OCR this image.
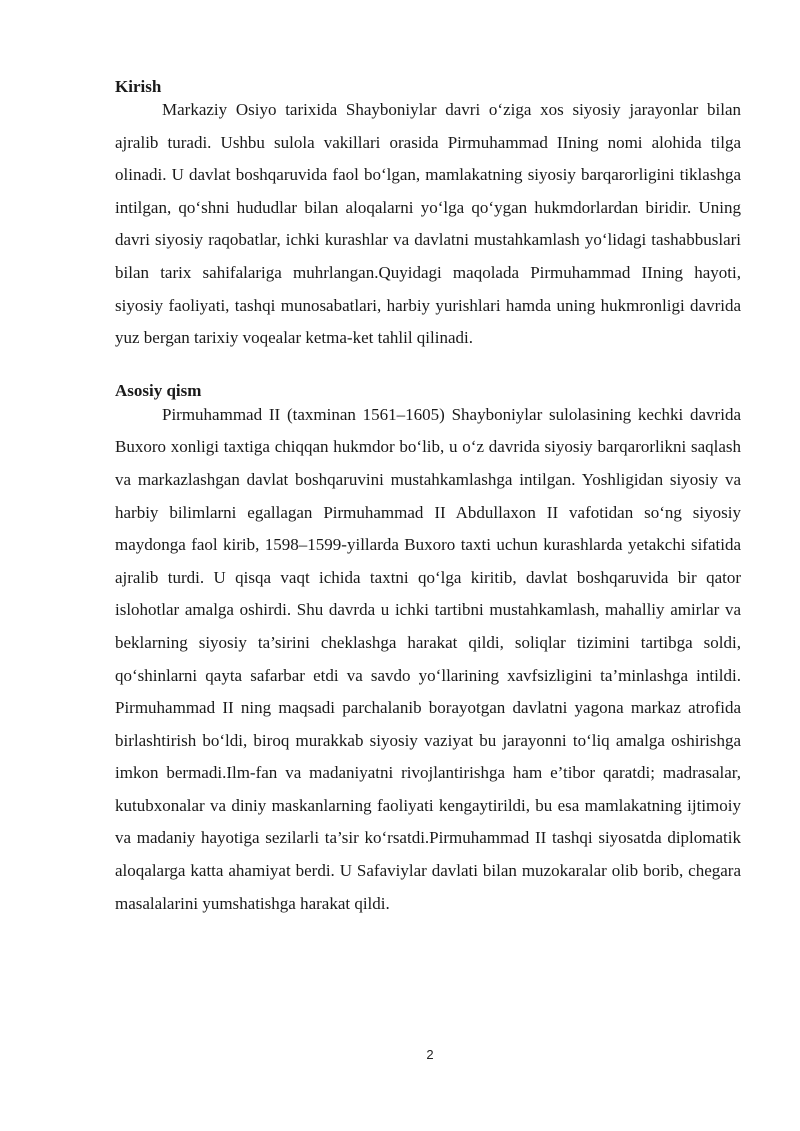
Kirish

Markaziy Osiyo tarixida Shayboniylar davri o‘ziga xos siyosiy jarayonlar bilan ajralib turadi. Ushbu sulola vakillari orasida Pirmuhammad IIning nomi alohida tilga olinadi. U davlat boshqaruvida faol bo‘lgan, mamlakatning siyosiy barqarorligini tiklashga intilgan, qo‘shni hududlar bilan aloqalarni yo‘lga qo‘ygan hukmdorlardan biridir. Uning davri siyosiy raqobatlar, ichki kurashlar va davlatni mustahkamlash yo‘lidagi tashabbuslari bilan tarix sahifalariga muhrlangan.Quyidagi maqolada Pirmuhammad IIning hayoti, siyosiy faoliyati, tashqi munosabatlari, harbiy yurishlari hamda uning hukmronligi davrida yuz bergan tarixiy voqealar ketma-ket tahlil qilinadi.

Asosiy qism

Pirmuhammad II (taxminan 1561–1605) Shayboniylar sulolasining kechki davrida Buxoro xonligi taxtiga chiqqan hukmdor bo‘lib, u o‘z davrida siyosiy barqarorlikni saqlash va markazlashgan davlat boshqaruvini mustahkamlashga intilgan. Yoshligidan siyosiy va harbiy bilimlarni egallagan Pirmuhammad II Abdullaxon II vafotidan so‘ng siyosiy maydonga faol kirib, 1598–1599-yillarda Buxoro taxti uchun kurashlarda yetakchi sifatida ajralib turdi. U qisqa vaqt ichida taxtni qo‘lga kiritib, davlat boshqaruvida bir qator islohotlar amalga oshirdi. Shu davrda u ichki tartibni mustahkamlash, mahalliy amirlar va beklarning siyosiy ta’sirini cheklashga harakat qildi, soliqlar tizimini tartibga soldi, qo‘shinlarni qayta safarbar etdi va savdo yo‘llarining xavfsizligini ta’minlashga intildi. Pirmuhammad II ning maqsadi parchalanib borayotgan davlatni yagona markaz atrofida birlashtirish bo‘ldi, biroq murakkab siyosiy vaziyat bu jarayonni to‘liq amalga oshirishga imkon bermadi.Ilm-fan va madaniyatni rivojlantirishga ham e’tibor qaratdi; madrasalar, kutubxonalar va diniy maskanlarning faoliyati kengaytirildi, bu esa mamlakatning ijtimoiy va madaniy hayotiga sezilarli ta’sir ko‘rsatdi.Pirmuhammad II tashqi siyosatda diplomatik aloqalarga katta ahamiyat berdi. U Safaviylar davlati bilan muzokaralar olib borib, chegara masalalarini yumshatishga harakat qildi.

2
